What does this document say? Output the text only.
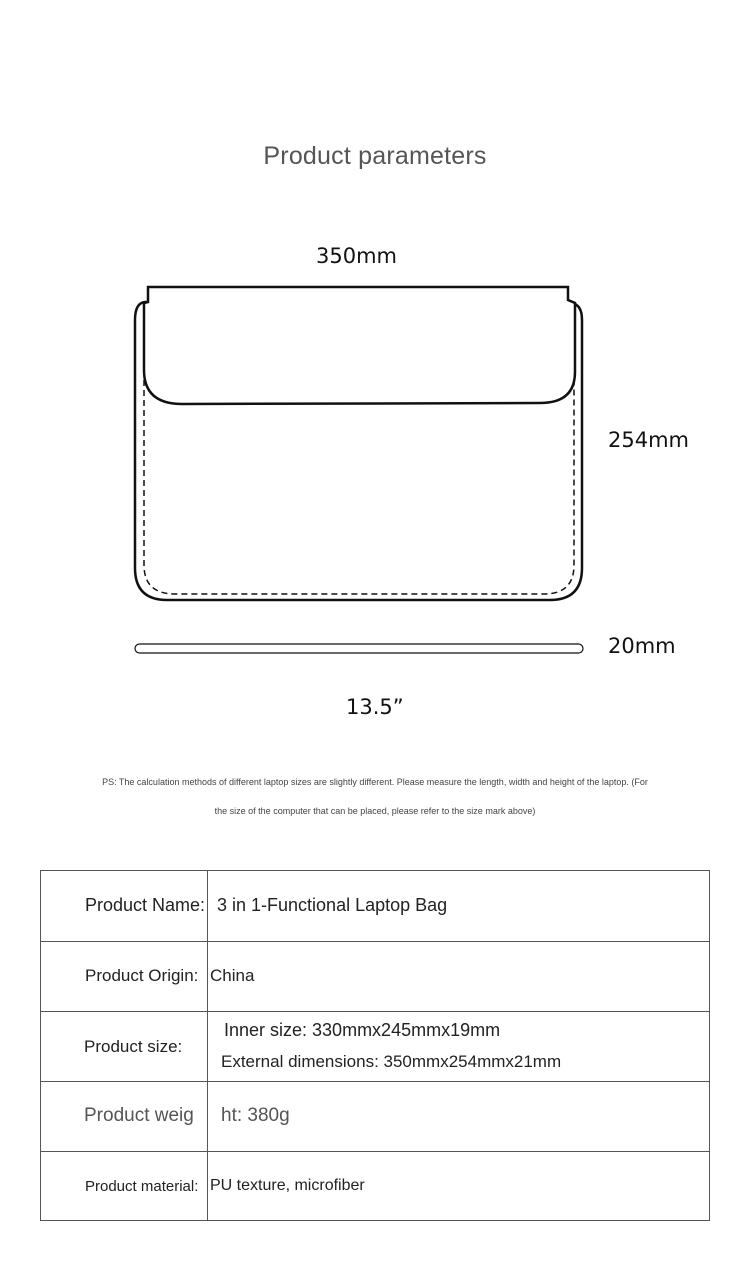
Product parameters
350mm
254mm
20mm
13.5”
PS: The calculation methods of different laptop sizes are slightly different. Please measure the length, width and height of the laptop. (For
the size of the computer that can be placed, please refer to the size mark above)
Product Name: 3 in 1-Functional Laptop Bag
Product Origin: China
Product size:
Inner size: 330mmx245mmx19mm
External dimensions: 350mmx254mmx21mm
Product weig ht: 380g
Product material: PU texture, microfiber
